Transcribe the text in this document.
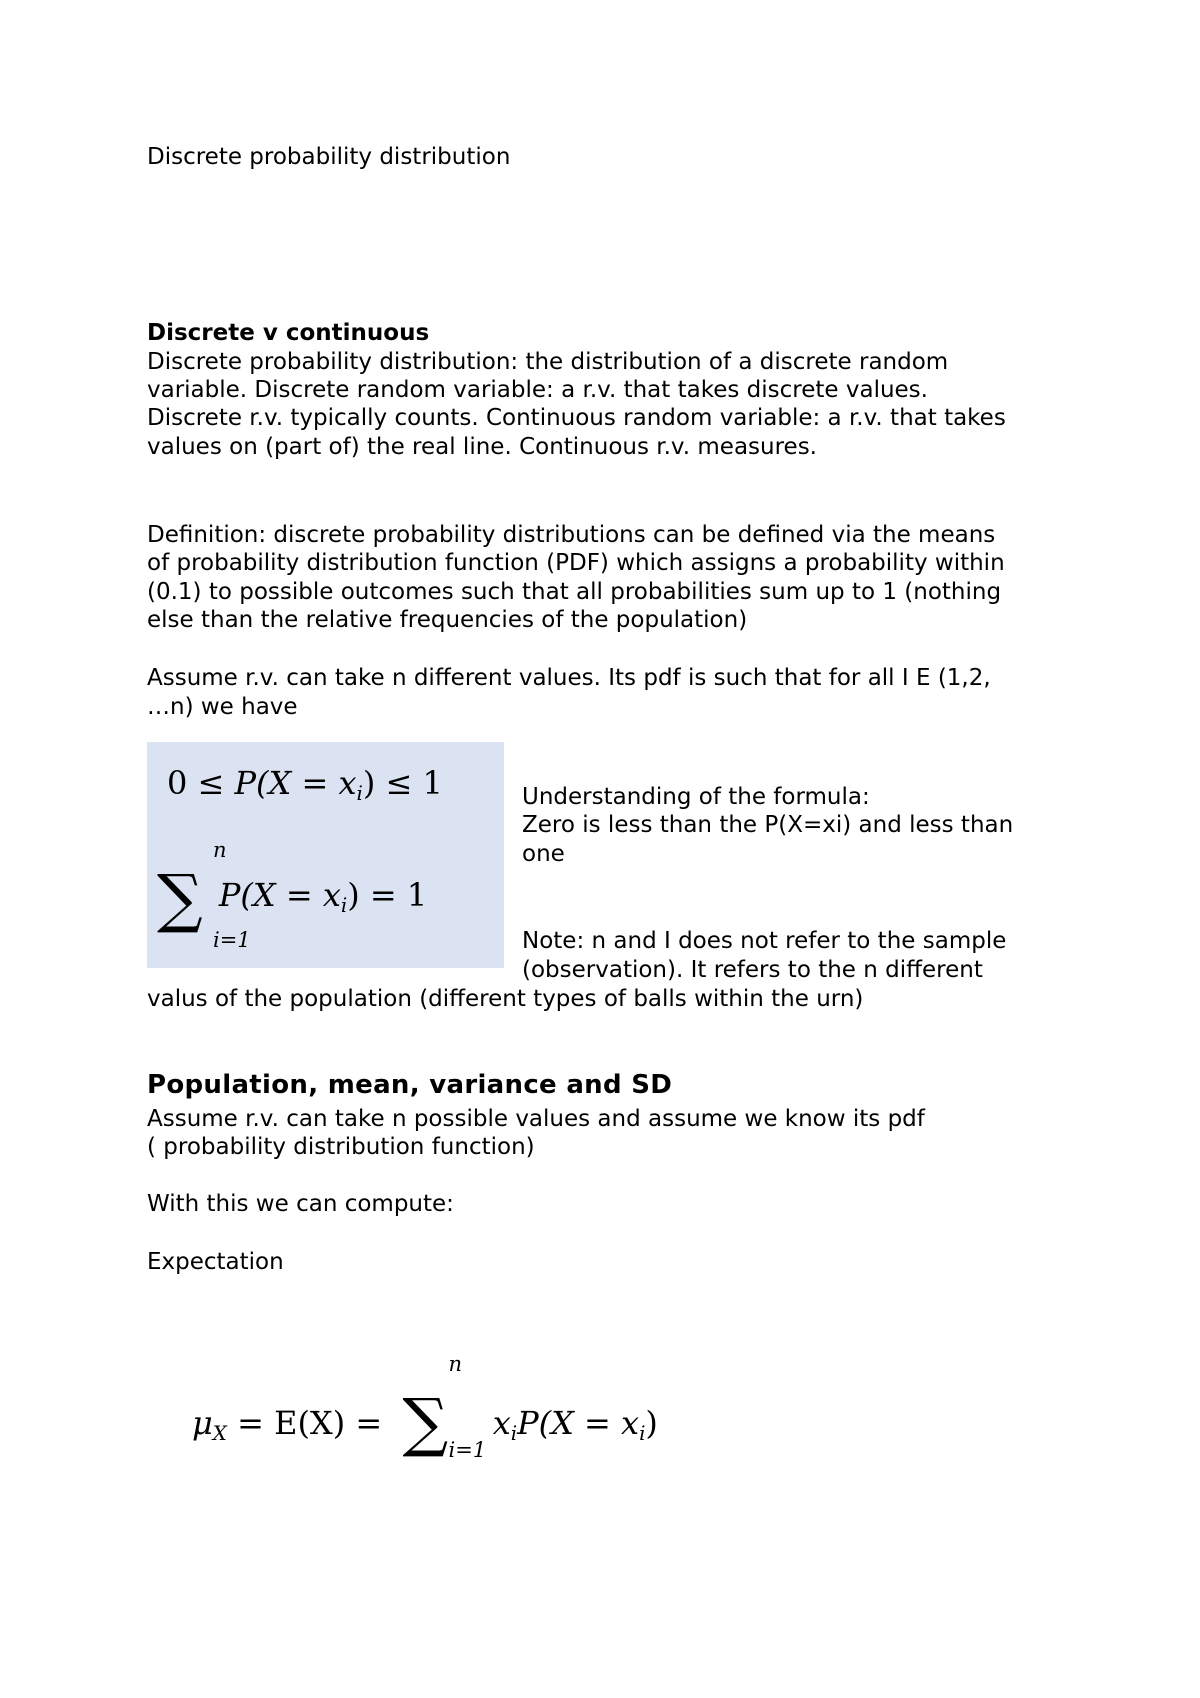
Discrete probability distribution

Discrete v continuous

Discrete probability distribution: the distribution of a discrete random

variable. Discrete random variable: a r.v. that takes discrete values.

Discrete r.v. typically counts. Continuous random variable: a r.v. that takes

values on (part of) the real line. Continuous r.v. measures.

Definition: discrete probability distributions can be defined via the means

of probability distribution function (PDF) which assigns a probability within

(0.1) to possible outcomes such that all probabilities sum up to 1 (nothing

else than the relative frequencies of the population)

Assume r.v. can take n different values. Its pdf is such that for all I E (1,2,

…n) we have

0 ≤ P(X = xi) ≤ 1
∑
n
i=1
P(X = xi) = 1

Understanding of the formula:

Zero is less than the P(X=xi) and less than

one

Note: n and I does not refer to the sample

(observation). It refers to the n different

valus of the population (different types of balls within the urn)

Population, mean, variance and SD

Assume r.v. can take n possible values and assume we know its pdf

( probability distribution function)

With this we can compute:

Expectation

μX = E(X) =  ∑
n
i=1
xiP(X = xi)
